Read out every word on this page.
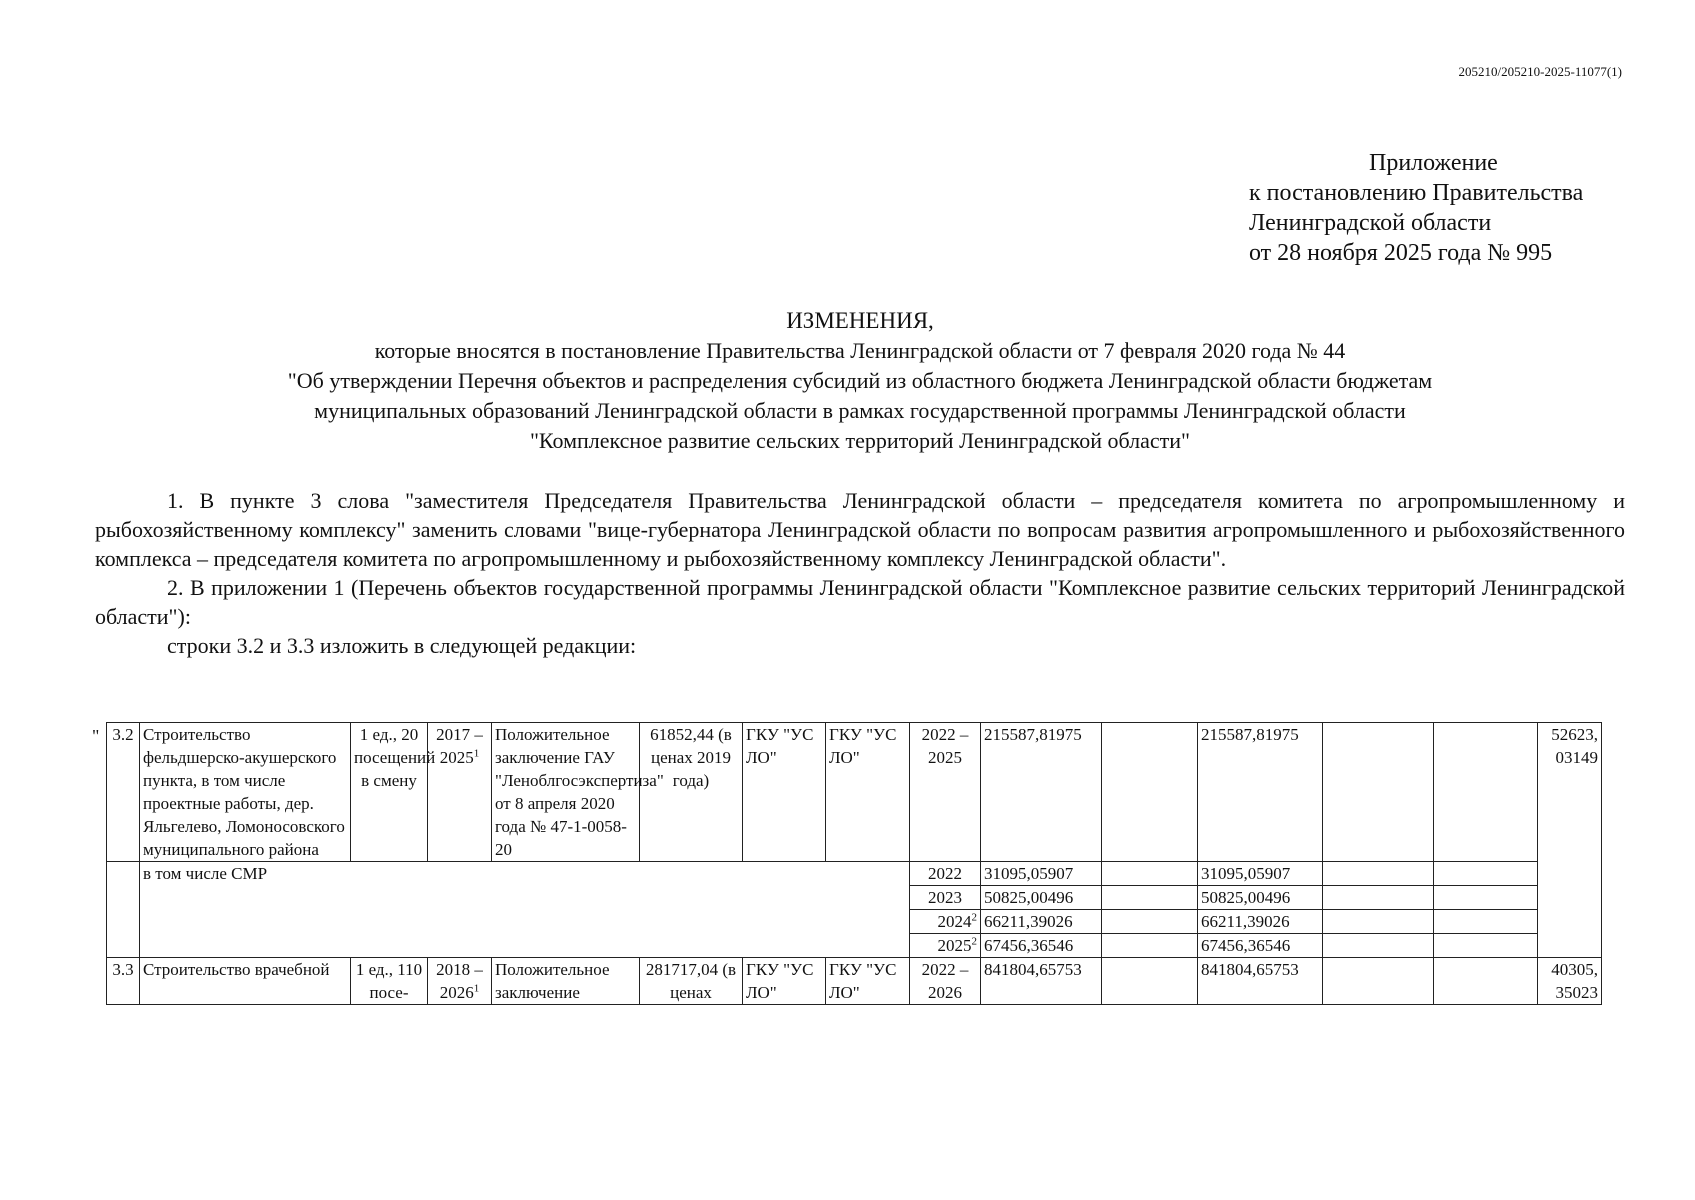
205210/205210-2025-11077(1)
Приложение
к постановлению Правительства
Ленинградской области
от 28 ноября 2025 года № 995
ИЗМЕНЕНИЯ,
которые вносятся в постановление Правительства Ленинградской области от 7 февраля 2020 года № 44
"Об утверждении Перечня объектов и распределения субсидий из областного бюджета Ленинградской области бюджетам
муниципальных образований Ленинградской области в рамках государственной программы Ленинградской области
"Комплексное развитие сельских территорий Ленинградской области"

1. В пункте 3 слова "заместителя Председателя Правительства Ленинградской области – председателя комитета по агропромышленному и рыбохозяйственному комплексу" заменить словами "вице-губернатора Ленинградской области по вопросам развития агропромышленного и рыбохозяйственного комплекса – председателя комитета по агропромышленному и рыбохозяйственному комплексу Ленинградской области".

2. В приложении 1 (Перечень объектов государственной программы Ленинградской области "Комплексное развитие сельских территорий Ленинградской области"):

строки 3.2 и 3.3 изложить в следующей редакции:

" 3.2	Строительство фельдшерско-акушерского пункта, в том числе проектные работы, дер. Яльгелево, Ломоносовского муниципального района	1 ед., 20 посещений в смену	2017 – 2025$^1$	Положительное заключение ГАУ "Леноблгосэкспертиза" от 8 апреля 2020 года № 47-1-0058-20	61852,44 (в ценах 2019 года)	ГКУ "УС ЛО"	ГКУ "УС ЛО"	2022 – 2025	215587,81975		215587,81975			52623, 03149
	в том числе СМР							2022	31095,05907		31095,05907			
								2023	50825,00496		50825,00496			
								2024$^2$	66211,39026		66211,39026			
								2025$^2$	67456,36546		67456,36546			
3.3	Строительство врачебной	1 ед., 110 посе-	2018 – 2026$^1$	Положительное заключение	281717,04 (в ценах	ГКУ "УС ЛО"	ГКУ "УС ЛО"	2022 – 2026	841804,65753		841804,65753			40305, 35023
